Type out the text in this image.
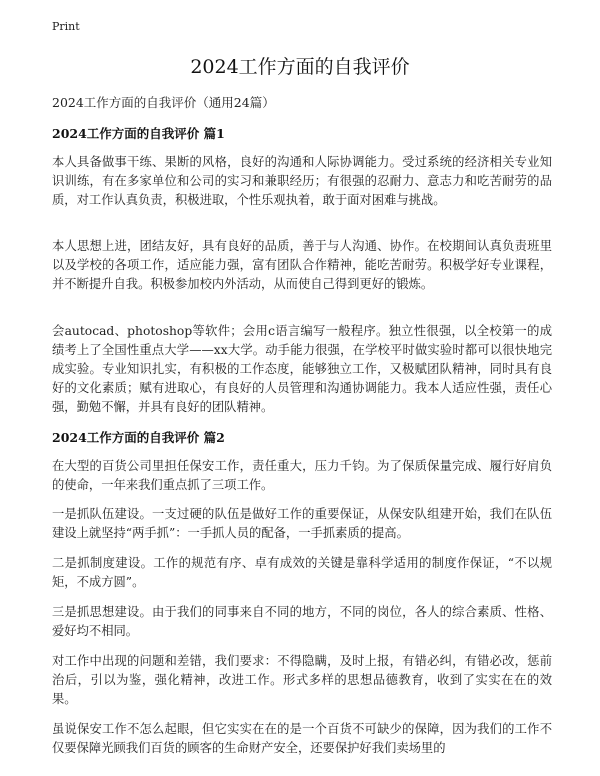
Print
2024工作方面的自我评价
2024工作方面的自我评价（通用24篇）
2024工作方面的自我评价 篇1

本人具备做事干练、果断的风格，良好的沟通和人际协调能力。受过系统的经济相关专业知识训练，有在多家单位和公司的实习和兼职经历；有很强的忍耐力、意志力和吃苦耐劳的品质，对工作认真负责，积极进取，个性乐观执着，敢于面对困难与挑战。

本人思想上进，团结友好，具有良好的品质，善于与人沟通、协作。在校期间认真负责班里以及学校的各项工作，适应能力强，富有团队合作精神，能吃苦耐劳。积极学好专业课程，并不断提升自我。积极参加校内外活动，从而使自己得到更好的锻炼。

会autocad、photoshop等软件；会用c语言编写一般程序。独立性很强，以全校第一的成绩考上了全国性重点大学——xx大学。动手能力很强，在学校平时做实验时都可以很快地完成实验。专业知识扎实，有积极的工作态度，能够独立工作，又极赋团队精神，同时具有良好的文化素质；赋有进取心，有良好的人员管理和沟通协调能力。我本人适应性强，责任心强，勤勉不懈，并具有良好的团队精神。

2024工作方面的自我评价 篇2

在大型的百货公司里担任保安工作，责任重大，压力千钧。为了保质保量完成、履行好肩负的使命，一年来我们重点抓了三项工作。

一是抓队伍建设。一支过硬的队伍是做好工作的重要保证，从保安队组建开始，我们在队伍建设上就坚持“两手抓”：一手抓人员的配备，一手抓素质的提高。

二是抓制度建设。工作的规范有序、卓有成效的关键是靠科学适用的制度作保证，“不以规矩，不成方圆”。

三是抓思想建设。由于我们的同事来自不同的地方，不同的岗位，各人的综合素质、性格、爱好均不相同。

对工作中出现的问题和差错，我们要求：不得隐瞒，及时上报，有错必纠，有错必改，惩前治后，引以为鉴，强化精神，改进工作。形式多样的思想品德教育，收到了实实在在的效果。

虽说保安工作不怎么起眼，但它实实在在的是一个百货不可缺少的保障，因为我们的工作不仅要保障光顾我们百货的顾客的生命财产安全，还要保护好我们卖场里的
